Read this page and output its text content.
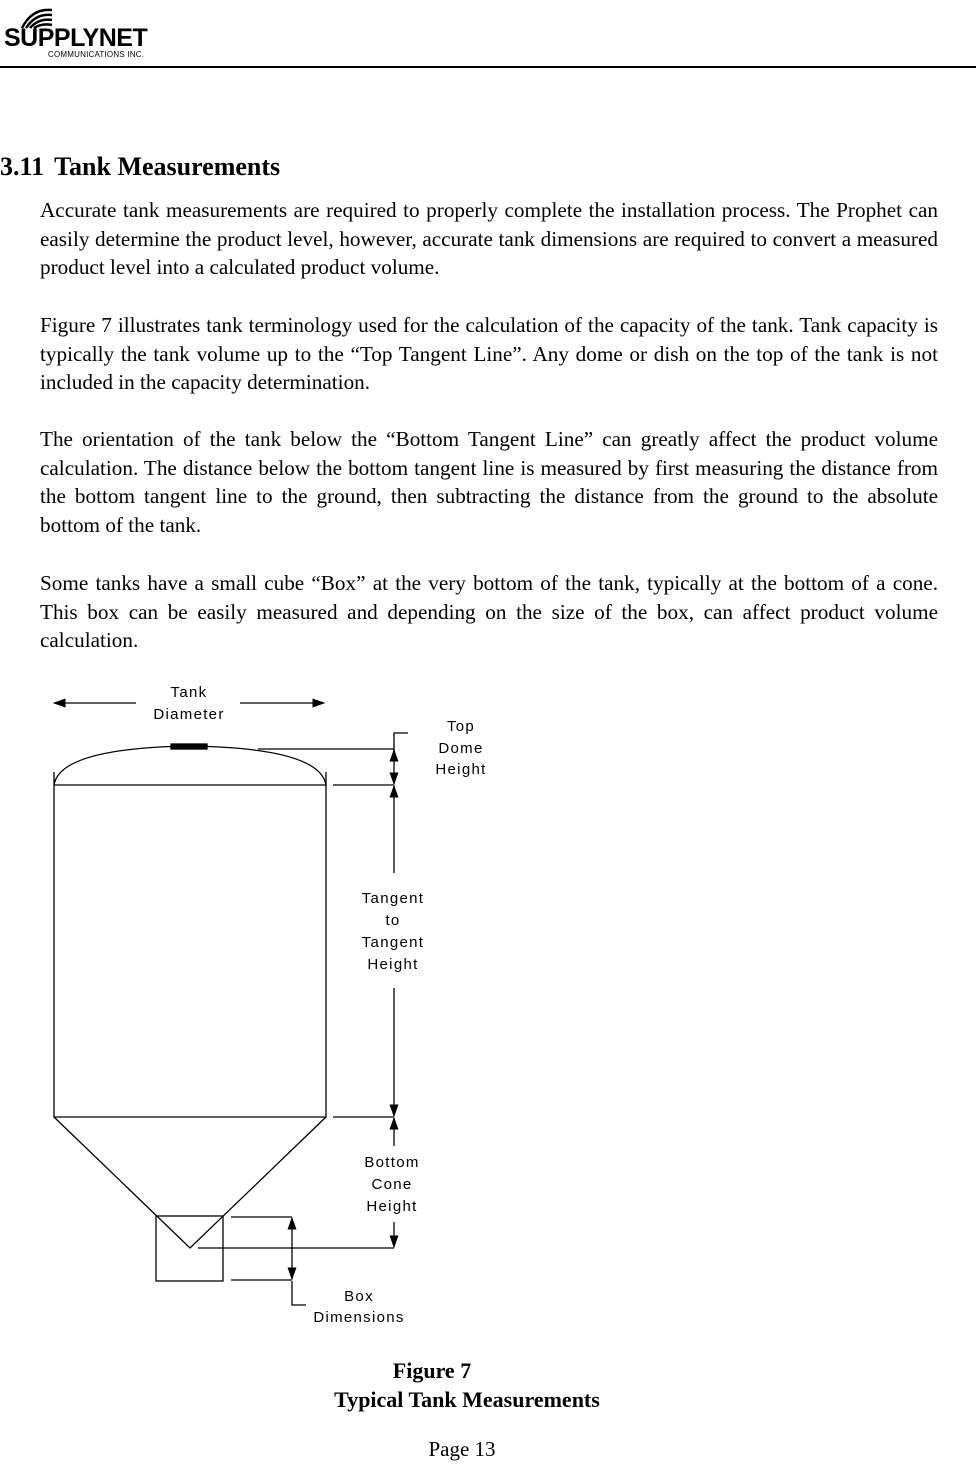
SUPPLYNET
COMMUNICATIONS INC.
3.11 Tank Measurements

Accurate tank measurements are required to properly complete the installation process. The Prophet can easily determine the product level, however, accurate tank dimensions are required to convert a measured product level into a calculated product volume.

Figure 7 illustrates tank terminology used for the calculation of the capacity of the tank. Tank capacity is typically the tank volume up to the “Top Tangent Line”. Any dome or dish on the top of the tank is not included in the capacity determination.

The orientation of the tank below the “Bottom Tangent Line” can greatly affect the product volume calculation. The distance below the bottom tangent line is measured by first measuring the distance from the bottom tangent line to the ground, then subtracting the distance from the ground to the absolute bottom of the tank.

Some tanks have a small cube “Box” at the very bottom of the tank, typically at the bottom of a cone. This box can be easily measured and depending on the size of the box, can affect product volume calculation.

Tank
Diameter
Top
Dome
Height
Tangent
to
Tangent
Height
Bottom
Cone
Height
Box
Dimensions

Figure 7

Typical Tank Measurements

Page 13
